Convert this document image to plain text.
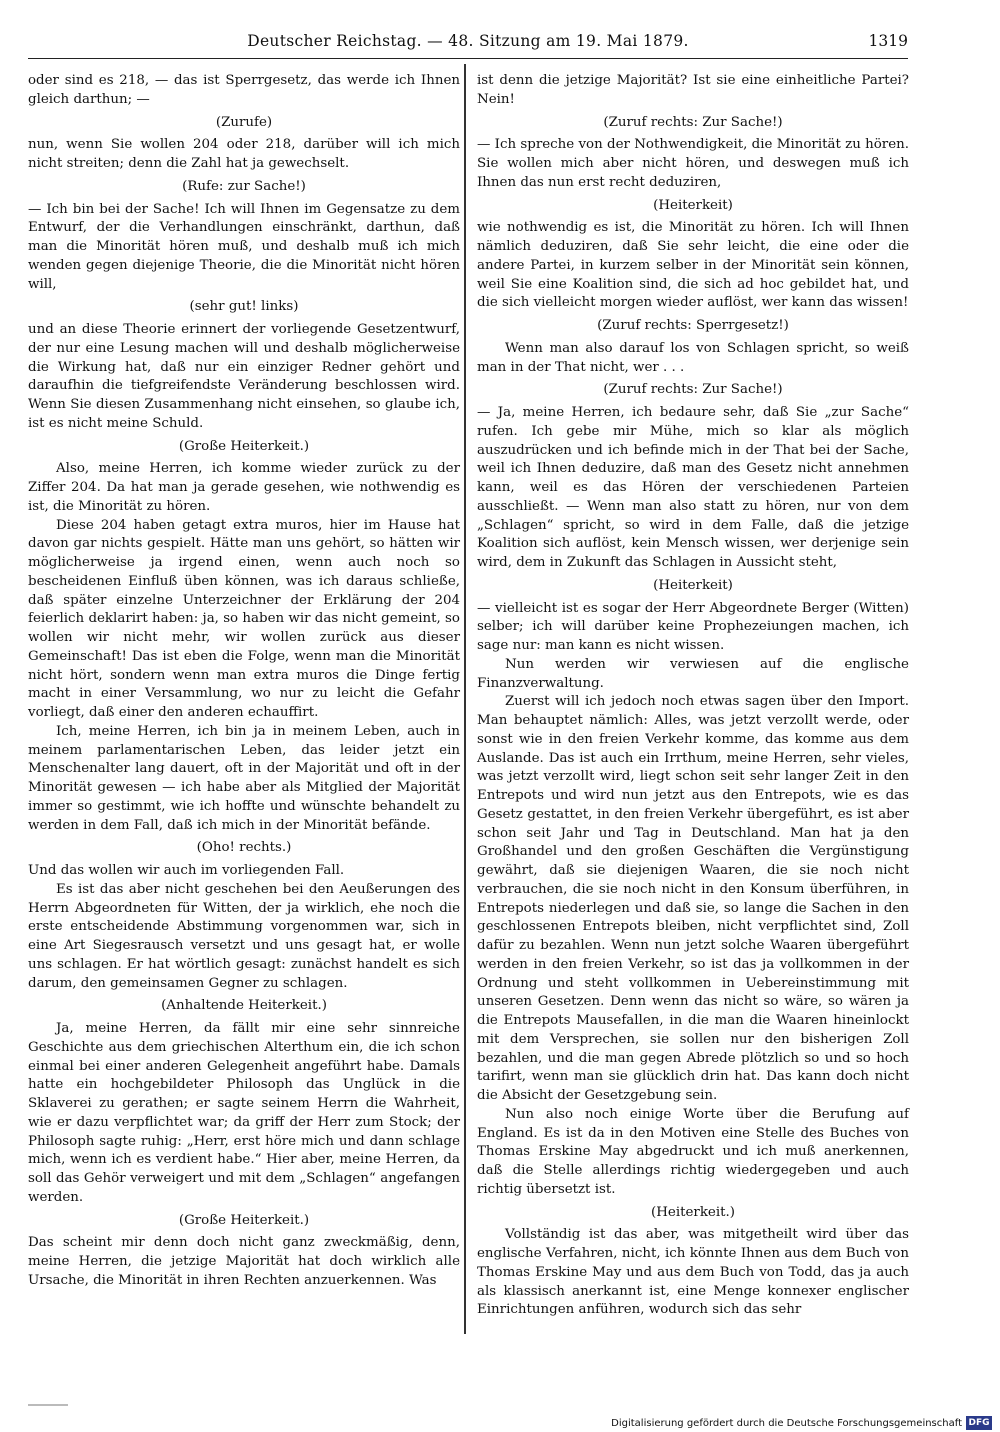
Deutscher Reichstag. — 48. Sitzung am 19. Mai 1879.	1319

oder sind es 218, — das ist Sperrgesetz, das werde ich Ihnen gleich darthun; —

(Zurufe)

nun, wenn Sie wollen 204 oder 218, darüber will ich mich nicht streiten; denn die Zahl hat ja gewechselt.

(Rufe: zur Sache!)

— Ich bin bei der Sache! Ich will Ihnen im Gegensatze zu dem Entwurf, der die Verhandlungen einschränkt, darthun, daß man die Minorität hören muß, und deshalb muß ich mich wenden gegen diejenige Theorie, die die Minorität nicht hören will,

(sehr gut! links)

und an diese Theorie erinnert der vorliegende Gesetzentwurf, der nur eine Lesung machen will und deshalb möglicherweise die Wirkung hat, daß nur ein einziger Redner gehört und daraufhin die tiefgreifendste Veränderung beschlossen wird. Wenn Sie diesen Zusammenhang nicht einsehen, so glaube ich, ist es nicht meine Schuld.

(Große Heiterkeit.)

Also, meine Herren, ich komme wieder zurück zu der Ziffer 204. Da hat man ja gerade gesehen, wie nothwendig es ist, die Minorität zu hören.

Diese 204 haben getagt extra muros, hier im Hause hat davon gar nichts gespielt. Hätte man uns gehört, so hätten wir möglicherweise ja irgend einen, wenn auch noch so bescheidenen Einfluß üben können, was ich daraus schließe, daß später einzelne Unterzeichner der Erklärung der 204 feierlich deklarirt haben: ja, so haben wir das nicht gemeint, so wollen wir nicht mehr, wir wollen zurück aus dieser Gemeinschaft! Das ist eben die Folge, wenn man die Minorität nicht hört, sondern wenn man extra muros die Dinge fertig macht in einer Versammlung, wo nur zu leicht die Gefahr vorliegt, daß einer den anderen echauffirt.

Ich, meine Herren, ich bin ja in meinem Leben, auch in meinem parlamentarischen Leben, das leider jetzt ein Menschenalter lang dauert, oft in der Majorität und oft in der Minorität gewesen — ich habe aber als Mitglied der Majorität immer so gestimmt, wie ich hoffte und wünschte behandelt zu werden in dem Fall, daß ich mich in der Minorität befände.

(Oho! rechts.)

Und das wollen wir auch im vorliegenden Fall.

Es ist das aber nicht geschehen bei den Aeußerungen des Herrn Abgeordneten für Witten, der ja wirklich, ehe noch die erste entscheidende Abstimmung vorgenommen war, sich in eine Art Siegesrausch versetzt und uns gesagt hat, er wolle uns schlagen. Er hat wörtlich gesagt: zunächst handelt es sich darum, den gemeinsamen Gegner zu schlagen.

(Anhaltende Heiterkeit.)

Ja, meine Herren, da fällt mir eine sehr sinnreiche Geschichte aus dem griechischen Alterthum ein, die ich schon einmal bei einer anderen Gelegenheit angeführt habe. Damals hatte ein hochgebildeter Philosoph das Unglück in die Sklaverei zu gerathen; er sagte seinem Herrn die Wahrheit, wie er dazu verpflichtet war; da griff der Herr zum Stock; der Philosoph sagte ruhig: „Herr, erst höre mich und dann schlage mich, wenn ich es verdient habe.“ Hier aber, meine Herren, da soll das Gehör verweigert und mit dem „Schlagen“ angefangen werden.

(Große Heiterkeit.)

Das scheint mir denn doch nicht ganz zweckmäßig, denn, meine Herren, die jetzige Majorität hat doch wirklich alle Ursache, die Minorität in ihren Rechten anzuerkennen. Was

ist denn die jetzige Majorität? Ist sie eine einheitliche Partei? Nein!

(Zuruf rechts: Zur Sache!)

— Ich spreche von der Nothwendigkeit, die Minorität zu hören. Sie wollen mich aber nicht hören, und deswegen muß ich Ihnen das nun erst recht deduziren,

(Heiterkeit)

wie nothwendig es ist, die Minorität zu hören. Ich will Ihnen nämlich deduziren, daß Sie sehr leicht, die eine oder die andere Partei, in kurzem selber in der Minorität sein können, weil Sie eine Koalition sind, die sich ad hoc gebildet hat, und die sich vielleicht morgen wieder auflöst, wer kann das wissen!

(Zuruf rechts: Sperrgesetz!)

Wenn man also darauf los von Schlagen spricht, so weiß man in der That nicht, wer . . .

(Zuruf rechts: Zur Sache!)

— Ja, meine Herren, ich bedaure sehr, daß Sie „zur Sache“ rufen. Ich gebe mir Mühe, mich so klar als möglich auszudrücken und ich befinde mich in der That bei der Sache, weil ich Ihnen deduzire, daß man des Gesetz nicht annehmen kann, weil es das Hören der verschiedenen Parteien ausschließt. — Wenn man also statt zu hören, nur von dem „Schlagen“ spricht, so wird in dem Falle, daß die jetzige Koalition sich auflöst, kein Mensch wissen, wer derjenige sein wird, dem in Zukunft das Schlagen in Aussicht steht,

(Heiterkeit)

— vielleicht ist es sogar der Herr Abgeordnete Berger (Witten) selber; ich will darüber keine Prophezeiungen machen, ich sage nur: man kann es nicht wissen.

Nun werden wir verwiesen auf die englische Finanzverwaltung.

Zuerst will ich jedoch noch etwas sagen über den Import. Man behauptet nämlich: Alles, was jetzt verzollt werde, oder sonst wie in den freien Verkehr komme, das komme aus dem Auslande. Das ist auch ein Irrthum, meine Herren, sehr vieles, was jetzt verzollt wird, liegt schon seit sehr langer Zeit in den Entrepots und wird nun jetzt aus den Entrepots, wie es das Gesetz gestattet, in den freien Verkehr übergeführt, es ist aber schon seit Jahr und Tag in Deutschland. Man hat ja den Großhandel und den großen Geschäften die Vergünstigung gewährt, daß sie diejenigen Waaren, die sie noch nicht verbrauchen, die sie noch nicht in den Konsum überführen, in Entrepots niederlegen und daß sie, so lange die Sachen in den geschlossenen Entrepots bleiben, nicht verpflichtet sind, Zoll dafür zu bezahlen. Wenn nun jetzt solche Waaren übergeführt werden in den freien Verkehr, so ist das ja vollkommen in der Ordnung und steht vollkommen in Uebereinstimmung mit unseren Gesetzen. Denn wenn das nicht so wäre, so wären ja die Entrepots Mausefallen, in die man die Waaren hineinlockt mit dem Versprechen, sie sollen nur den bisherigen Zoll bezahlen, und die man gegen Abrede plötzlich so und so hoch tarifirt, wenn man sie glücklich drin hat. Das kann doch nicht die Absicht der Gesetzgebung sein.

Nun also noch einige Worte über die Berufung auf England. Es ist da in den Motiven eine Stelle des Buches von Thomas Erskine May abgedruckt und ich muß anerkennen, daß die Stelle allerdings richtig wiedergegeben und auch richtig übersetzt ist.

(Heiterkeit.)

Vollständig ist das aber, was mitgetheilt wird über das englische Verfahren, nicht, ich könnte Ihnen aus dem Buch von Thomas Erskine May und aus dem Buch von Todd, das ja auch als klassisch anerkannt ist, eine Menge konnexer englischer Einrichtungen anführen, wodurch sich das sehr

Digitalisierung gefördert durch die Deutsche Forschungsgemeinschaft DFG
